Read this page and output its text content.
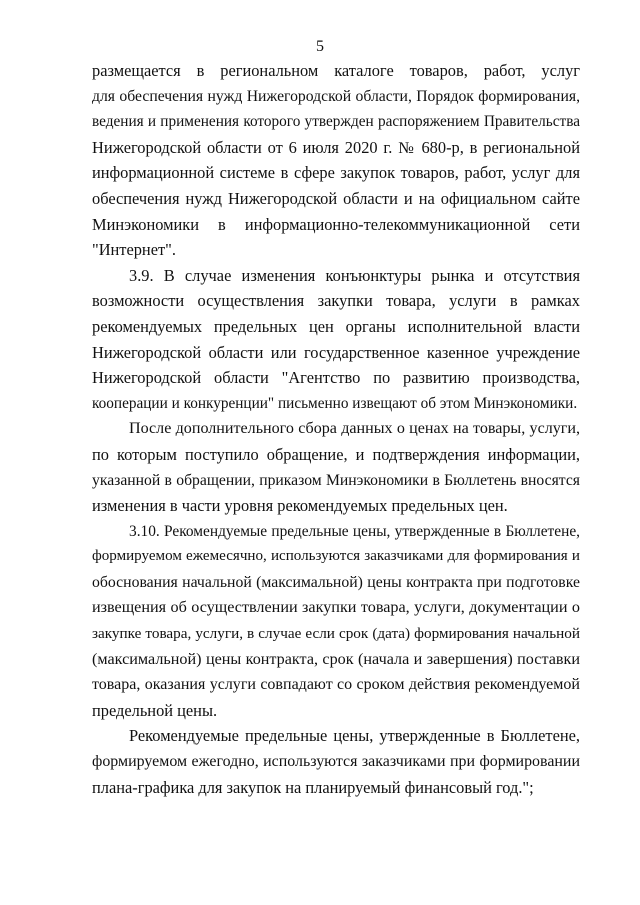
5
размещается в региональном каталоге товаров, работ, услуг
для обеспечения нужд Нижегородской области, Порядок формирования,
ведения и применения которого утвержден распоряжением Правительства
Нижегородской области от 6 июля 2020 г. № 680-р, в региональной
информационной системе в сфере закупок товаров, работ, услуг для
обеспечения нужд Нижегородской области и на официальном сайте
Минэкономики в информационно-телекоммуникационной сети
"Интернет".
3.9. В случае изменения конъюнктуры рынка и отсутствия
возможности осуществления закупки товара, услуги в рамках
рекомендуемых предельных цен органы исполнительной власти
Нижегородской области или государственное казенное учреждение
Нижегородской области "Агентство по развитию производства,
кооперации и конкуренции" письменно извещают об этом Минэкономики.
После дополнительного сбора данных о ценах на товары, услуги,
по которым поступило обращение, и подтверждения информации,
указанной в обращении, приказом Минэкономики в Бюллетень вносятся
изменения в части уровня рекомендуемых предельных цен.
3.10. Рекомендуемые предельные цены, утвержденные в Бюллетене,
формируемом ежемесячно, используются заказчиками для формирования и
обоснования начальной (максимальной) цены контракта при подготовке
извещения об осуществлении закупки товара, услуги, документации о
закупке товара, услуги, в случае если срок (дата) формирования начальной
(максимальной) цены контракта, срок (начала и завершения) поставки
товара, оказания услуги совпадают со сроком действия рекомендуемой
предельной цены.
Рекомендуемые предельные цены, утвержденные в Бюллетене,
формируемом ежегодно, используются заказчиками при формировании
плана-графика для закупок на планируемый финансовый год.";
